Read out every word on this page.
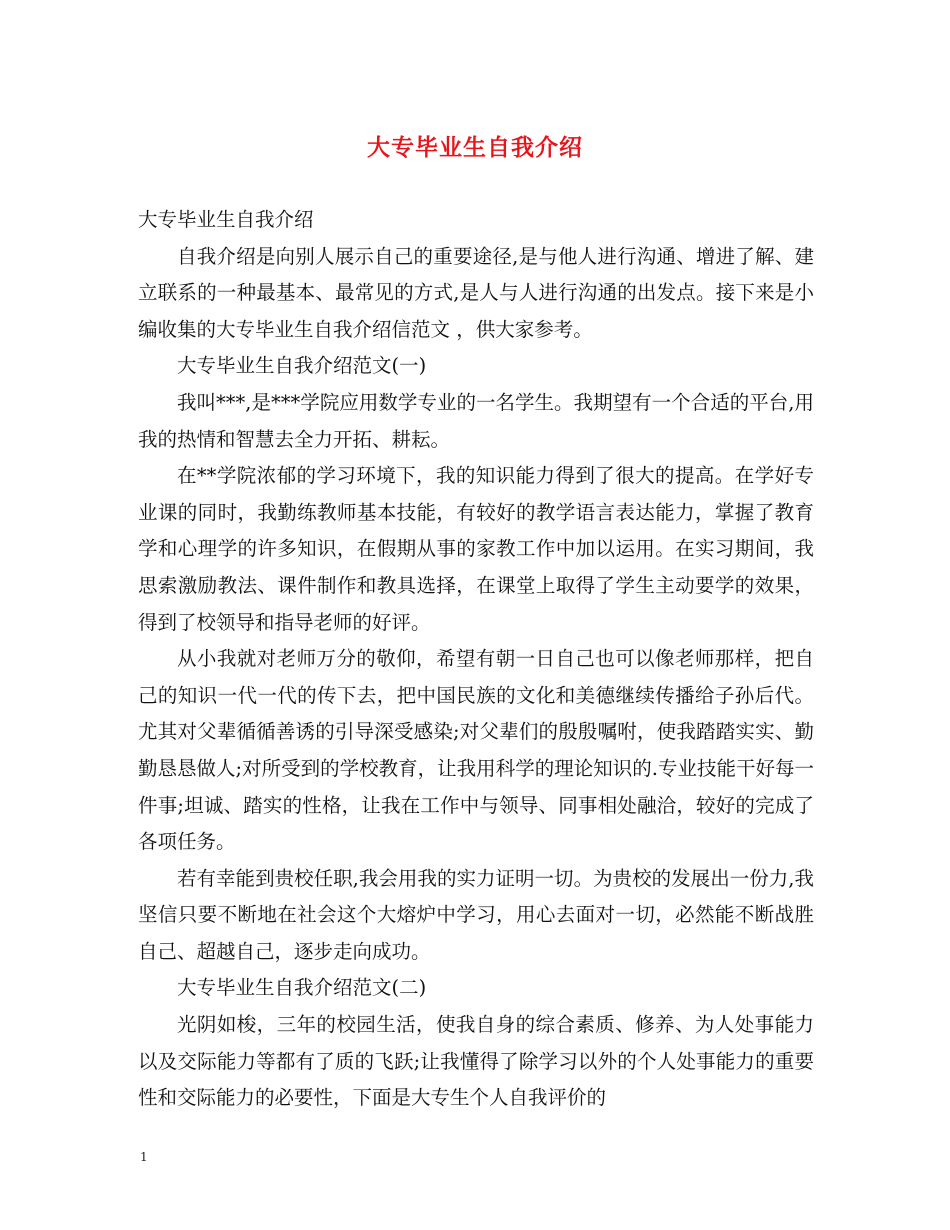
大专毕业生自我介绍

大专毕业生自我介绍

自我介绍是向别人展示自己的重要途径,是与他人进行沟通、增进了解、建立联系的一种最基本、最常见的方式,是人与人进行沟通的出发点。接下来是小编收集的大专毕业生自我介绍信范文 ，供大家参考。

大专毕业生自我介绍范文(一)

我叫***,是***学院应用数学专业的一名学生。我期望有一个合适的平台,用我的热情和智慧去全力开拓、耕耘。

在**学院浓郁的学习环境下，我的知识能力得到了很大的提高。在学好专业课的同时，我勤练教师基本技能，有较好的教学语言表达能力，掌握了教育学和心理学的许多知识，在假期从事的家教工作中加以运用。在实习期间，我思索激励教法、课件制作和教具选择，在课堂上取得了学生主动要学的效果，得到了校领导和指导老师的好评。

从小我就对老师万分的敬仰，希望有朝一日自己也可以像老师那样，把自己的知识一代一代的传下去，把中国民族的文化和美德继续传播给子孙后代。尤其对父辈循循善诱的引导深受感染;对父辈们的殷殷嘱咐，使我踏踏实实、勤勤恳恳做人;对所受到的学校教育，让我用科学的理论知识的.专业技能干好每一件事;坦诚、踏实的性格，让我在工作中与领导、同事相处融洽，较好的完成了各项任务。

若有幸能到贵校任职,我会用我的实力证明一切。为贵校的发展出一份力,我坚信只要不断地在社会这个大熔炉中学习，用心去面对一切，必然能不断战胜自己、超越自己，逐步走向成功。

大专毕业生自我介绍范文(二)

光阴如梭，三年的校园生活，使我自身的综合素质、修养、为人处事能力以及交际能力等都有了质的飞跃;让我懂得了除学习以外的个人处事能力的重要性和交际能力的必要性，下面是大专生个人自我评价的

1
